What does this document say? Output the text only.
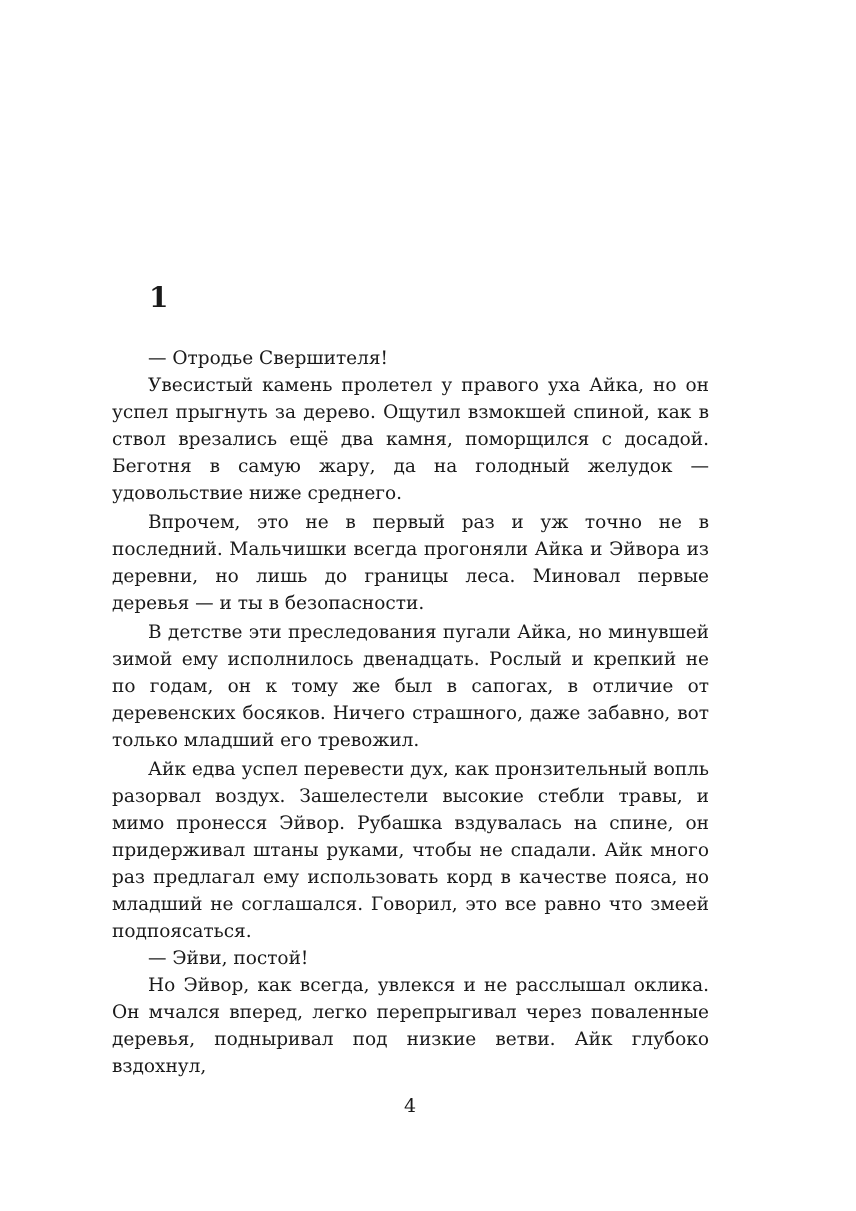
1

— Отродье Свершителя!

Увесистый камень пролетел у правого уха Айка, но он успел прыгнуть за дерево. Ощутил взмокшей спиной, как в ствол врезались ещё два камня, поморщился с досадой. Беготня в самую жару, да на голодный желудок — удовольствие ниже среднего.

Впрочем, это не в первый раз и уж точно не в последний. Мальчишки всегда прогоняли Айка и Эйвора из деревни, но лишь до границы леса. Миновал первые деревья — и ты в безопасности.

В детстве эти преследования пугали Айка, но минувшей зимой ему исполнилось двенадцать. Рослый и крепкий не по годам, он к тому же был в сапогах, в отличие от деревенских босяков. Ничего страшного, даже забавно, вот только младший его тревожил.

Айк едва успел перевести дух, как пронзительный вопль разорвал воздух. Зашелестели высокие стебли травы, и мимо пронесся Эйвор. Рубашка вздувалась на спине, он придерживал штаны руками, чтобы не спадали. Айк много раз предлагал ему использовать корд в качестве пояса, но младший не соглашался. Говорил, это все равно что змеей подпоясаться.

— Эйви, постой!

Но Эйвор, как всегда, увлекся и не расслышал оклика. Он мчался вперед, легко перепрыгивал через поваленные деревья, подныривал под низкие ветви. Айк глубоко вздохнул,

4
